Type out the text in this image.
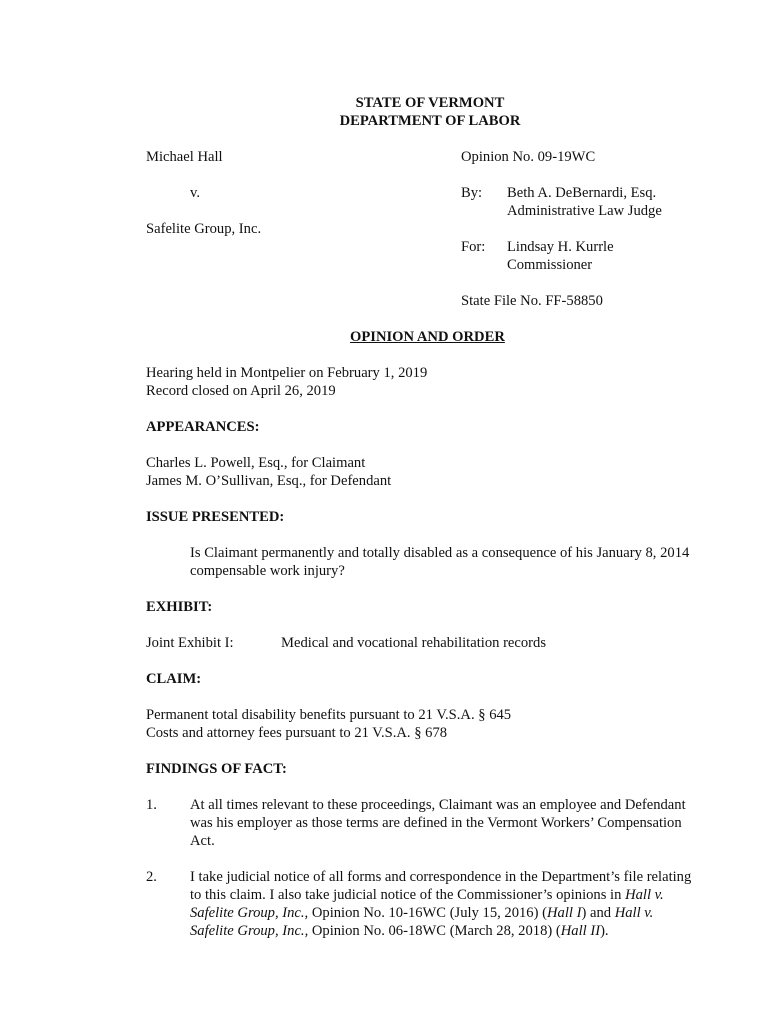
STATE OF VERMONT
DEPARTMENT OF LABOR
Michael Hall
v.
Safelite Group, Inc.
Opinion No. 09-19WC
By: Beth A. DeBernardi, Esq.
Administrative Law Judge
For: Lindsay H. Kurrle
Commissioner
State File No. FF-58850
OPINION AND ORDER
Hearing held in Montpelier on February 1, 2019
Record closed on April 26, 2019
APPEARANCES:
Charles L. Powell, Esq., for Claimant
James M. O’Sullivan, Esq., for Defendant
ISSUE PRESENTED:
Is Claimant permanently and totally disabled as a consequence of his January 8, 2014
compensable work injury?
EXHIBIT:
Joint Exhibit I:	Medical and vocational rehabilitation records
CLAIM:
Permanent total disability benefits pursuant to 21 V.S.A. § 645
Costs and attorney fees pursuant to 21 V.S.A. § 678
FINDINGS OF FACT:
1. At all times relevant to these proceedings, Claimant was an employee and Defendant
was his employer as those terms are defined in the Vermont Workers’ Compensation
Act.
2. I take judicial notice of all forms and correspondence in the Department’s file relating
to this claim. I also take judicial notice of the Commissioner’s opinions in Hall v.
Safelite Group, Inc., Opinion No. 10-16WC (July 15, 2016) (Hall I) and Hall v.
Safelite Group, Inc., Opinion No. 06-18WC (March 28, 2018) (Hall II).
